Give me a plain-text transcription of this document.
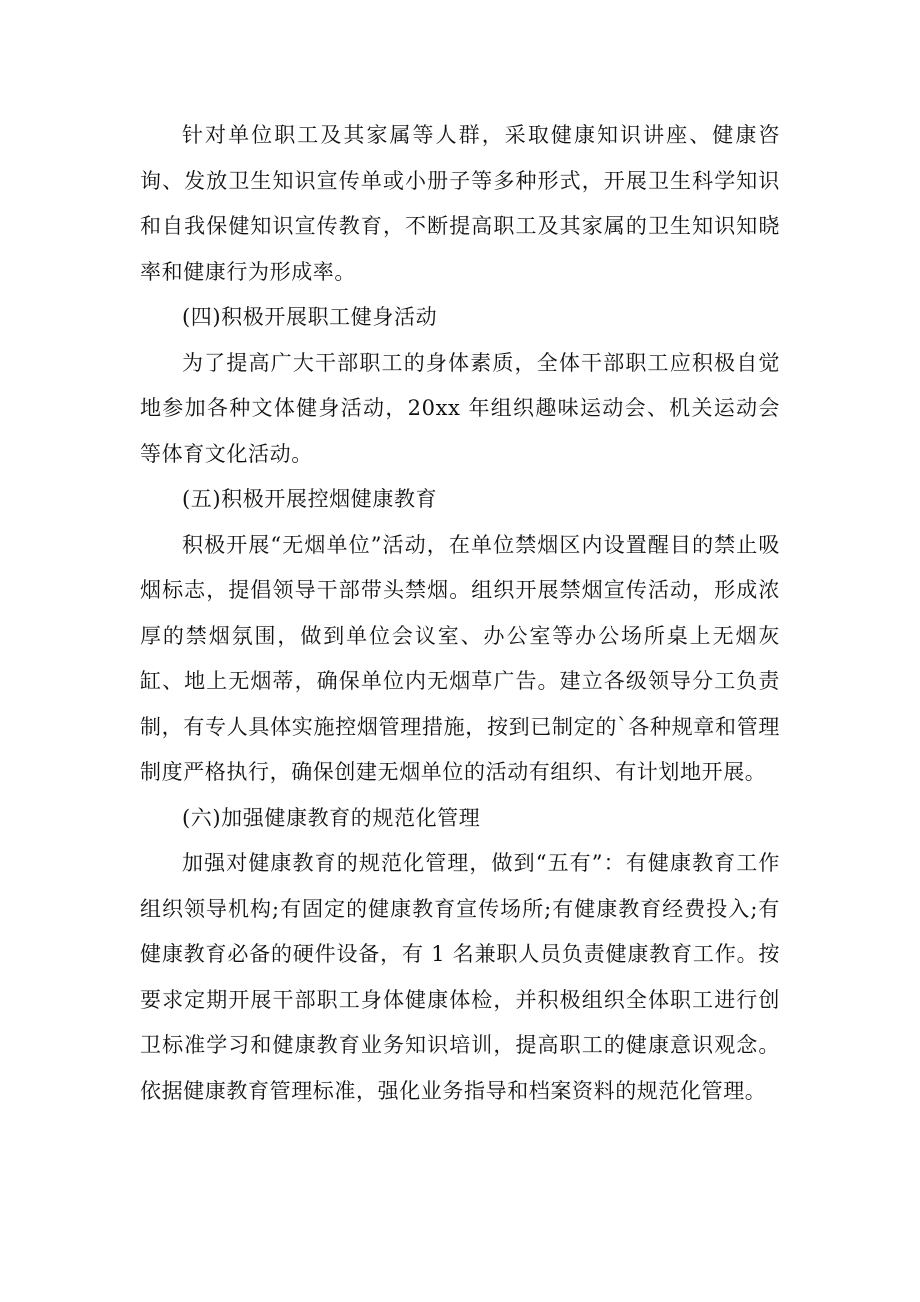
针对单位职工及其家属等人群，采取健康知识讲座、健康咨询、发放卫生知识宣传单或小册子等多种形式，开展卫生科学知识和自我保健知识宣传教育，不断提高职工及其家属的卫生知识知晓率和健康行为形成率。

(四)积极开展职工健身活动

为了提高广大干部职工的身体素质，全体干部职工应积极自觉地参加各种文体健身活动，20xx 年组织趣味运动会、机关运动会等体育文化活动。

(五)积极开展控烟健康教育

积极开展“无烟单位”活动，在单位禁烟区内设置醒目的禁止吸烟标志，提倡领导干部带头禁烟。组织开展禁烟宣传活动，形成浓厚的禁烟氛围，做到单位会议室、办公室等办公场所桌上无烟灰缸、地上无烟蒂，确保单位内无烟草广告。建立各级领导分工负责制，有专人具体实施控烟管理措施，按到已制定的`各种规章和管理制度严格执行，确保创建无烟单位的活动有组织、有计划地开展。

(六)加强健康教育的规范化管理

加强对健康教育的规范化管理，做到“五有”：有健康教育工作组织领导机构;有固定的健康教育宣传场所;有健康教育经费投入;有健康教育必备的硬件设备，有 1 名兼职人员负责健康教育工作。按要求定期开展干部职工身体健康体检，并积极组织全体职工进行创卫标准学习和健康教育业务知识培训，提高职工的健康意识观念。依据健康教育管理标准，强化业务指导和档案资料的规范化管理。
